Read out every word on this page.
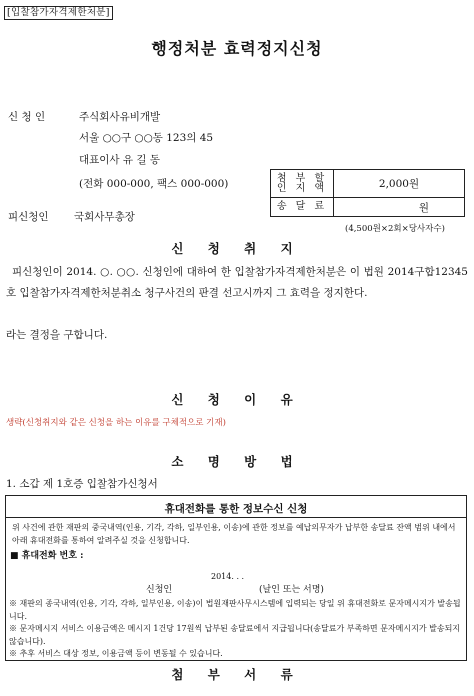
[입찰참가자격제한처분]
행정처분 효력정지신청
신 청 인	주식회사유비개발
서울 ○○구 ○○동 123의 45
대표이사 유 길 동
(전화 000-000, 팩스 000-000)
피신청인 국회사무총장
첨 부 할 인 지 액	2,000원
송 달 료	원
(4,500원×2회×당사자수)
신 청 취 지
피신청인이 2014. ○. ○○. 신청인에 대하여 한 입찰참가자격제한처분은 이 법원 2014구합12345호 입찰참가자격제한처분취소 청구사건의 판결 선고시까지 그 효력을 정지한다.
라는 결정을 구합니다.
신 청 이 유
생략(신청취지와 같은 신청을 하는 이유를 구체적으로 기재)
소 명 방 법
1. 소갑 제 1호증 입찰참가신청서
휴대전화를 통한 정보수신 신청
위 사건에 관한 재판의 중국내역(인용, 기각, 각하, 일부인용, 이송)에 관한 정보를 예납의무자가 납부한 송달료 잔액 범위 내에서 아래 휴대전화를 통하여 알려주실 것을 신청합니다.
■ 휴대전화 번호 :
2014. . .
신청인	(날인 또는 서명)
※ 재판의 종국내역(인용, 기각, 각하, 일부인용, 이송)이 법원재판사무시스템에 입력되는 당일 위 휴대전화로 문자메시지가 발송됩니다.
※ 문자메시지 서비스 이용금액은 메시지 1건당 17원씩 납부된 송달료에서 지급됩니다(송달료가 부족하면 문자메시지가 발송되지 않습니다).
※ 추후 서비스 대상 정보, 이용금액 등이 변동될 수 있습니다.
첨 부 서 류
